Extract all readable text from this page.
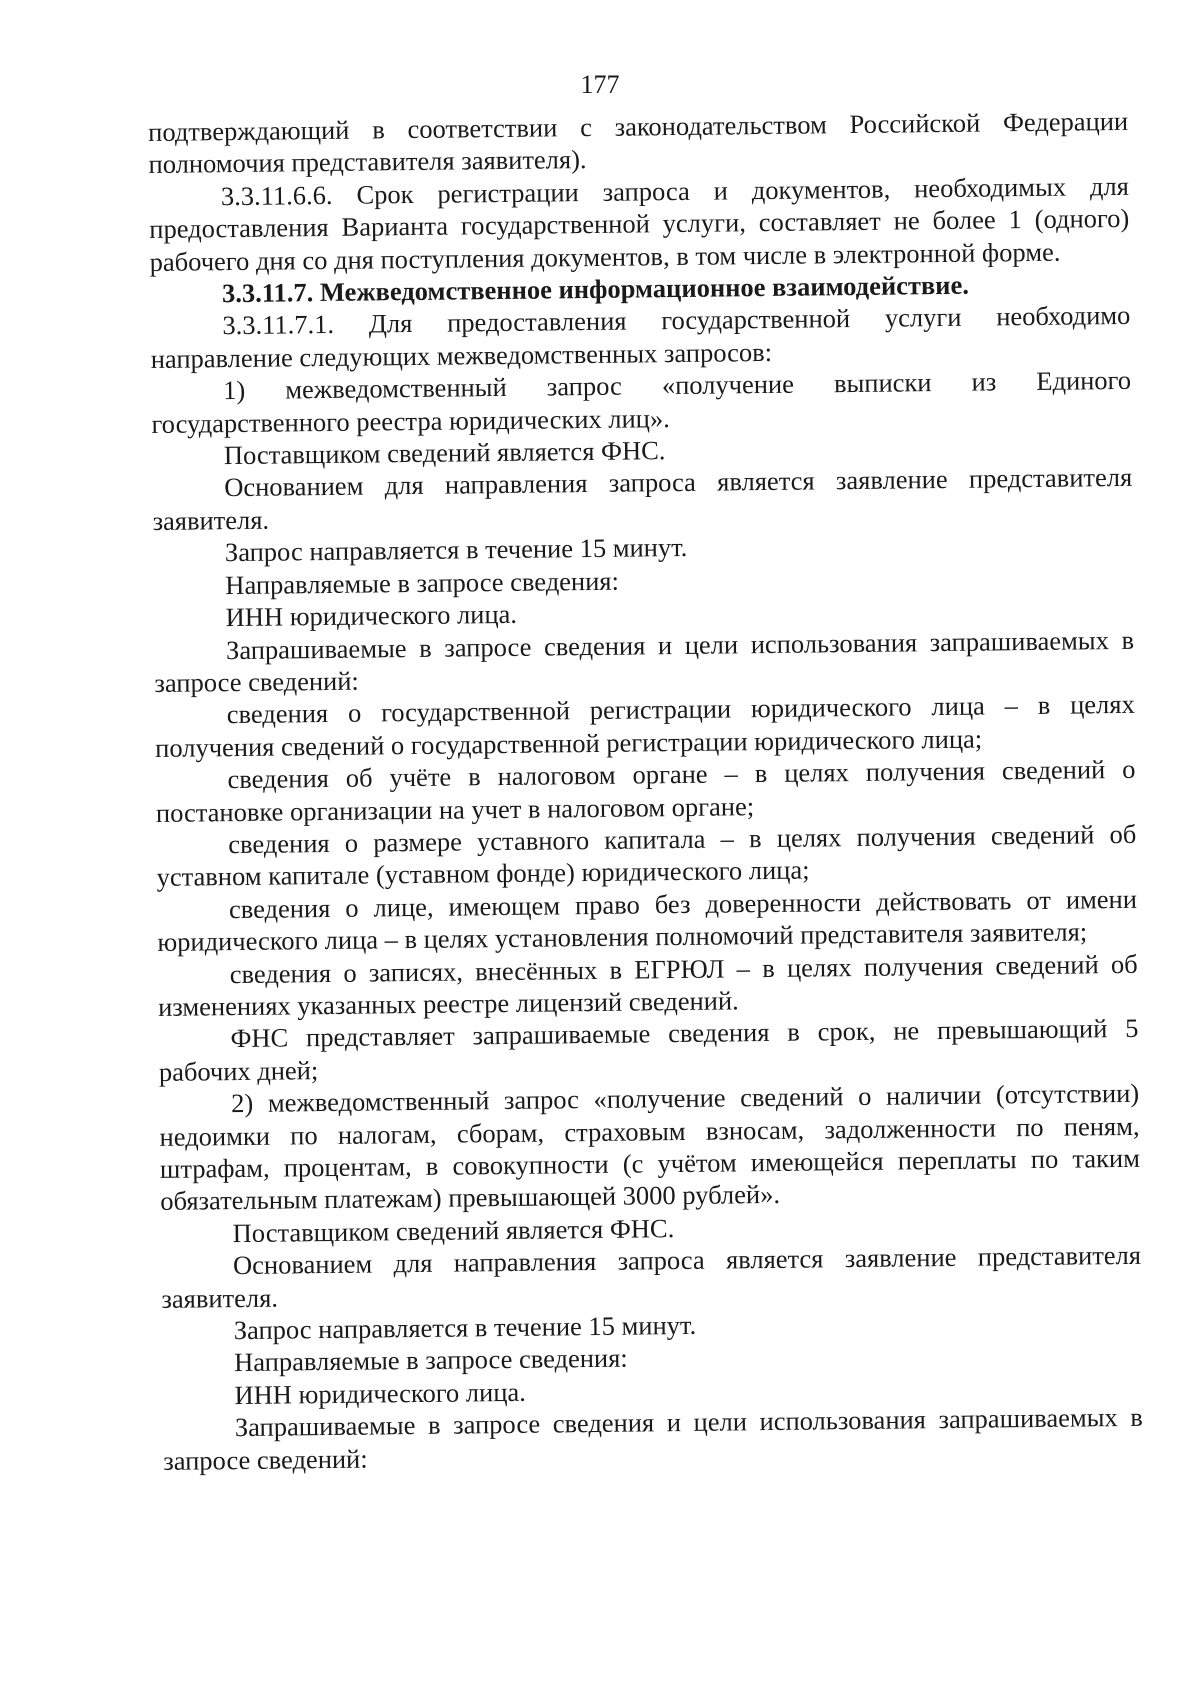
177

подтверждающий в соответствии с законодательством Российской Федерации полномочия представителя заявителя).

3.3.11.6.6. Срок регистрации запроса и документов, необходимых для предоставления Варианта государственной услуги, составляет не более 1 (одного) рабочего дня со дня поступления документов, в том числе в электронной форме.

3.3.11.7. Межведомственное информационное взаимодействие.

3.3.11.7.1. Для предоставления государственной услуги необходимо направление следующих межведомственных запросов:

1) межведомственный запрос «получение выписки из Единого государственного реестра юридических лиц».

Поставщиком сведений является ФНС.

Основанием для направления запроса является заявление представителя заявителя.

Запрос направляется в течение 15 минут.

Направляемые в запросе сведения:

ИНН юридического лица.

Запрашиваемые в запросе сведения и цели использования запрашиваемых в запросе сведений:

сведения о государственной регистрации юридического лица – в целях получения сведений о государственной регистрации юридического лица;

сведения об учёте в налоговом органе – в целях получения сведений о постановке организации на учет в налоговом органе;

сведения о размере уставного капитала – в целях получения сведений об уставном капитале (уставном фонде) юридического лица;

сведения о лице, имеющем право без доверенности действовать от имени юридического лица – в целях установления полномочий представителя заявителя;

сведения о записях, внесённых в ЕГРЮЛ – в целях получения сведений об изменениях указанных реестре лицензий сведений.

ФНС представляет запрашиваемые сведения в срок, не превышающий 5 рабочих дней;

2) межведомственный запрос «получение сведений о наличии (отсутствии) недоимки по налогам, сборам, страховым взносам, задолженности по пеням, штрафам, процентам, в совокупности (с учётом имеющейся переплаты по таким обязательным платежам) превышающей 3000 рублей».

Поставщиком сведений является ФНС.

Основанием для направления запроса является заявление представителя заявителя.

Запрос направляется в течение 15 минут.

Направляемые в запросе сведения:

ИНН юридического лица.

Запрашиваемые в запросе сведения и цели использования запрашиваемых в запросе сведений:
